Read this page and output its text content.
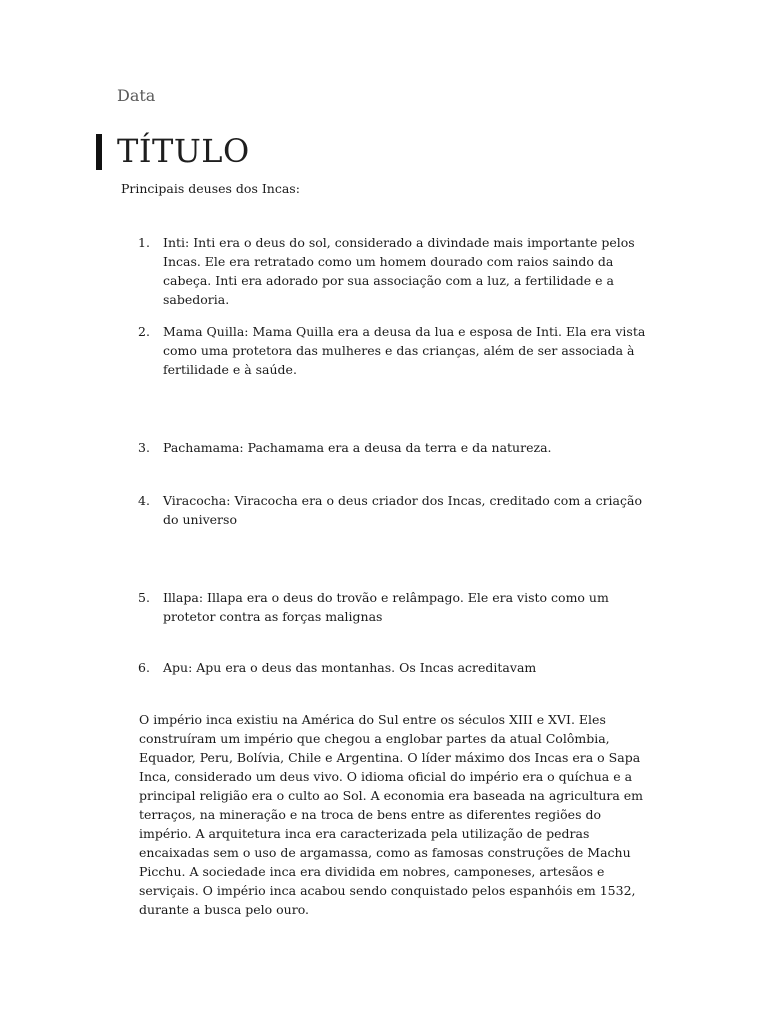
Data
TÍTULO
Principais deuses dos Incas:
1.	Inti: Inti era o deus do sol, considerado a divindade mais importante pelos Incas. Ele era retratado como um homem dourado com raios saindo da cabeça. Inti era adorado por sua associação com a luz, a fertilidade e a sabedoria.
2.	Mama Quilla: Mama Quilla era a deusa da lua e esposa de Inti. Ela era vista como uma protetora das mulheres e das crianças, além de ser associada à fertilidade e à saúde.
3.	Pachamama: Pachamama era a deusa da terra e da natureza.
4.	Viracocha: Viracocha era o deus criador dos Incas, creditado com a criação do universo
5.	Illapa: Illapa era o deus do trovão e relâmpago. Ele era visto como um protetor contra as forças malignas
6.	Apu: Apu era o deus das montanhas. Os Incas acreditavam
O império inca existiu na América do Sul entre os séculos XIII e XVI. Eles construíram um império que chegou a englobar partes da atual Colômbia, Equador, Peru, Bolívia, Chile e Argentina. O líder máximo dos Incas era o Sapa Inca, considerado um deus vivo. O idioma oficial do império era o quíchua e a principal religião era o culto ao Sol. A economia era baseada na agricultura em terraços, na mineração e na troca de bens entre as diferentes regiões do império. A arquitetura inca era caracterizada pela utilização de pedras encaixadas sem o uso de argamassa, como as famosas construções de Machu Picchu. A sociedade inca era dividida em nobres, camponeses, artesãos e serviçais. O império inca acabou sendo conquistado pelos espanhóis em 1532, durante a busca pelo ouro.
